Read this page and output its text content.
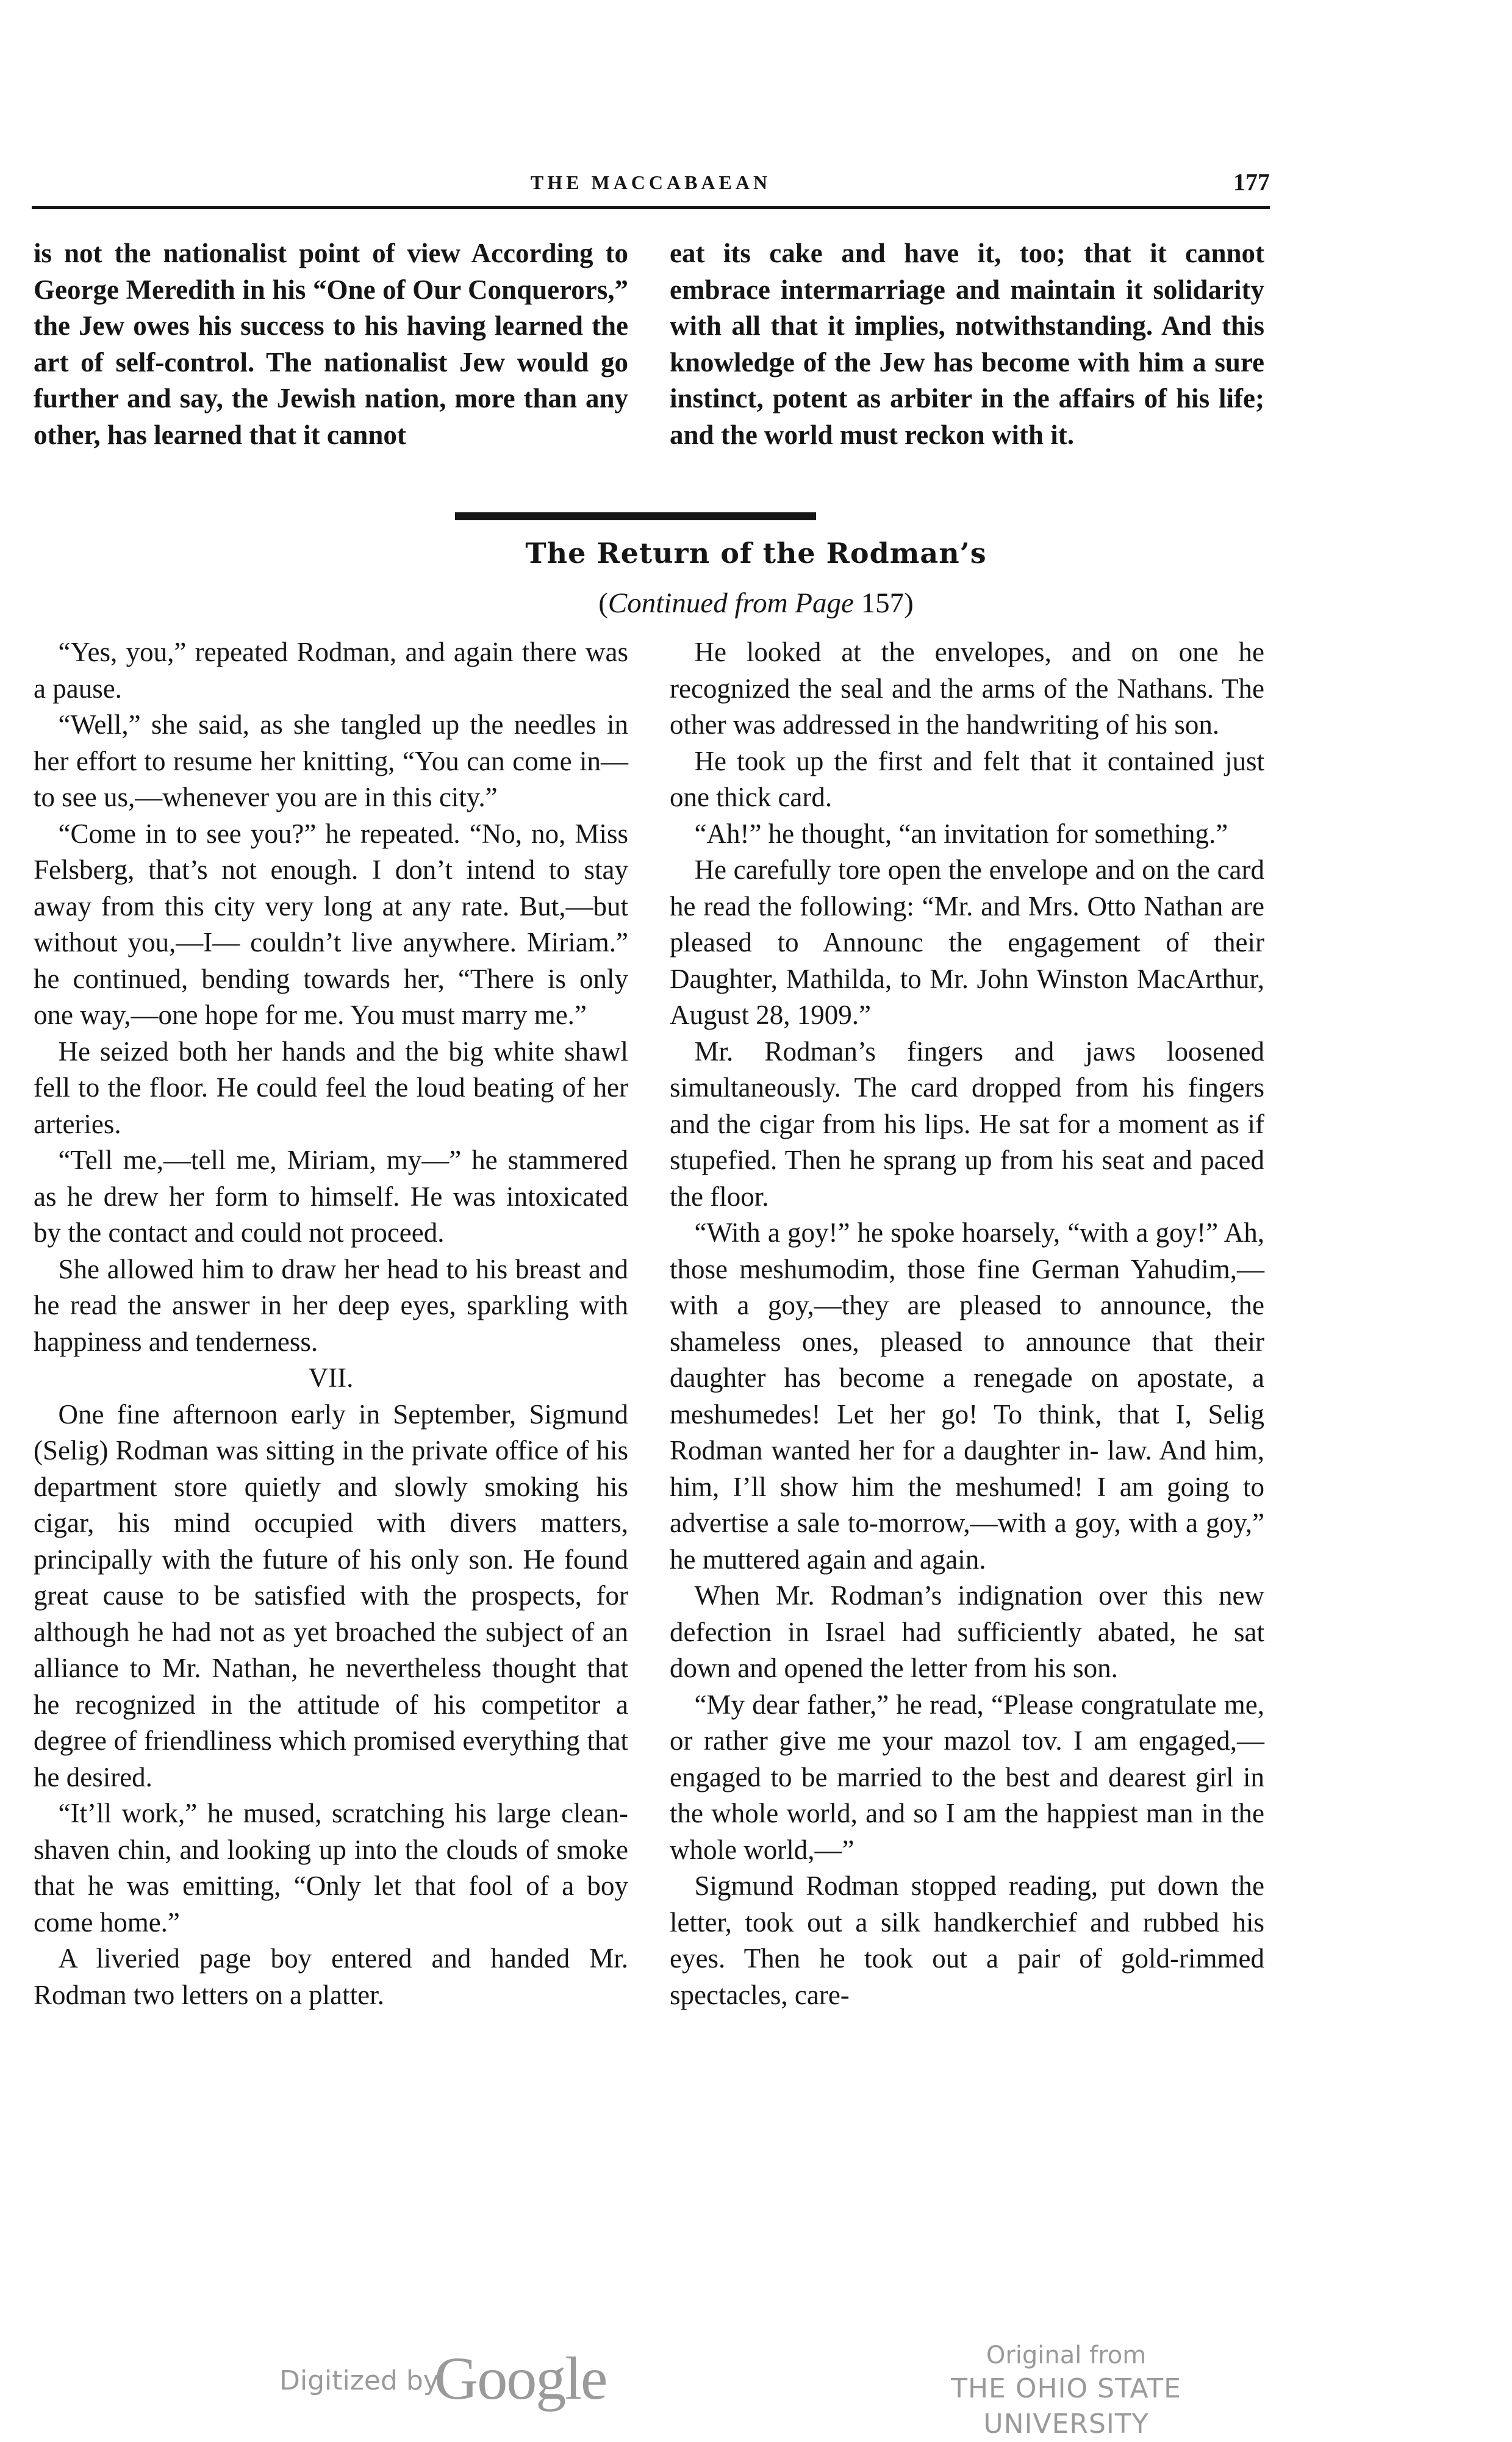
THE MACCABAEAN	177

is not the nationalist point of view According to George Meredith in his “One of Our Conquerors,” the Jew owes his success to his having learned the art of self-control. The nationalist Jew would go further and say, the Jewish nation, more than any other, has learned that it cannot

eat its cake and have it, too; that it cannot embrace intermarriage and maintain it solidarity with all that it implies, notwithstanding. And this knowledge of the Jew has become with him a sure instinct, potent as arbiter in the affairs of his life; and the world must reckon with it.

The Return of the Rodman’s
(Continued from Page 157)

“Yes, you,” repeated Rodman, and again there was a pause.

“Well,” she said, as she tangled up the needles in her effort to resume her knitting, “You can come in—to see us,—whenever you are in this city.”

“Come in to see you?” he repeated. “No, no, Miss Felsberg, that’s not enough. I don’t intend to stay away from this city very long at any rate. But,—but without you,—I— couldn’t live anywhere. Miriam.” he continued, bending towards her, “There is only one way,—one hope for me. You must marry me.”

He seized both her hands and the big white shawl fell to the floor. He could feel the loud beating of her arteries.

“Tell me,—tell me, Miriam, my—” he stammered as he drew her form to himself. He was intoxicated by the contact and could not proceed.

She allowed him to draw her head to his breast and he read the answer in her deep eyes, sparkling with happiness and tenderness.

VII.

One fine afternoon early in September, Sigmund (Selig) Rodman was sitting in the private office of his department store quietly and slowly smoking his cigar, his mind occupied with divers matters, principally with the future of his only son. He found great cause to be satisfied with the prospects, for although he had not as yet broached the subject of an alliance to Mr. Nathan, he nevertheless thought that he recognized in the attitude of his competitor a degree of friendliness which promised everything that he desired.

“It’ll work,” he mused, scratching his large clean-shaven chin, and looking up into the clouds of smoke that he was emitting, “Only let that fool of a boy come home.”

A liveried page boy entered and handed Mr. Rodman two letters on a platter.

He looked at the envelopes, and on one he recognized the seal and the arms of the Nathans. The other was addressed in the handwriting of his son.

He took up the first and felt that it contained just one thick card.

“Ah!” he thought, “an invitation for something.”

He carefully tore open the envelope and on the card he read the following: “Mr. and Mrs. Otto Nathan are pleased to Announc the engagement of their Daughter, Mathilda, to Mr. John Winston MacArthur, August 28, 1909.”

Mr. Rodman’s fingers and jaws loosened simultaneously. The card dropped from his fingers and the cigar from his lips. He sat for a moment as if stupefied. Then he sprang up from his seat and paced the floor.

“With a goy!” he spoke hoarsely, “with a goy!” Ah, those meshumodim, those fine German Yahudim,—with a goy,—they are pleased to announce, the shameless ones, pleased to announce that their daughter has become a renegade on apostate, a meshumedes! Let her go! To think, that I, Selig Rodman wanted her for a daughter in- law. And him, him, I’ll show him the meshumed! I am going to advertise a sale to-morrow,—with a goy, with a goy,” he muttered again and again.

When Mr. Rodman’s indignation over this new defection in Israel had sufficiently abated, he sat down and opened the letter from his son.

“My dear father,” he read, “Please congratulate me, or rather give me your mazol tov. I am engaged,—engaged to be married to the best and dearest girl in the whole world, and so I am the happiest man in the whole world,—”

Sigmund Rodman stopped reading, put down the letter, took out a silk handkerchief and rubbed his eyes. Then he took out a pair of gold-rimmed spectacles, care-

Digitized by
Google	Original from
THE OHIO STATE UNIVERSITY
